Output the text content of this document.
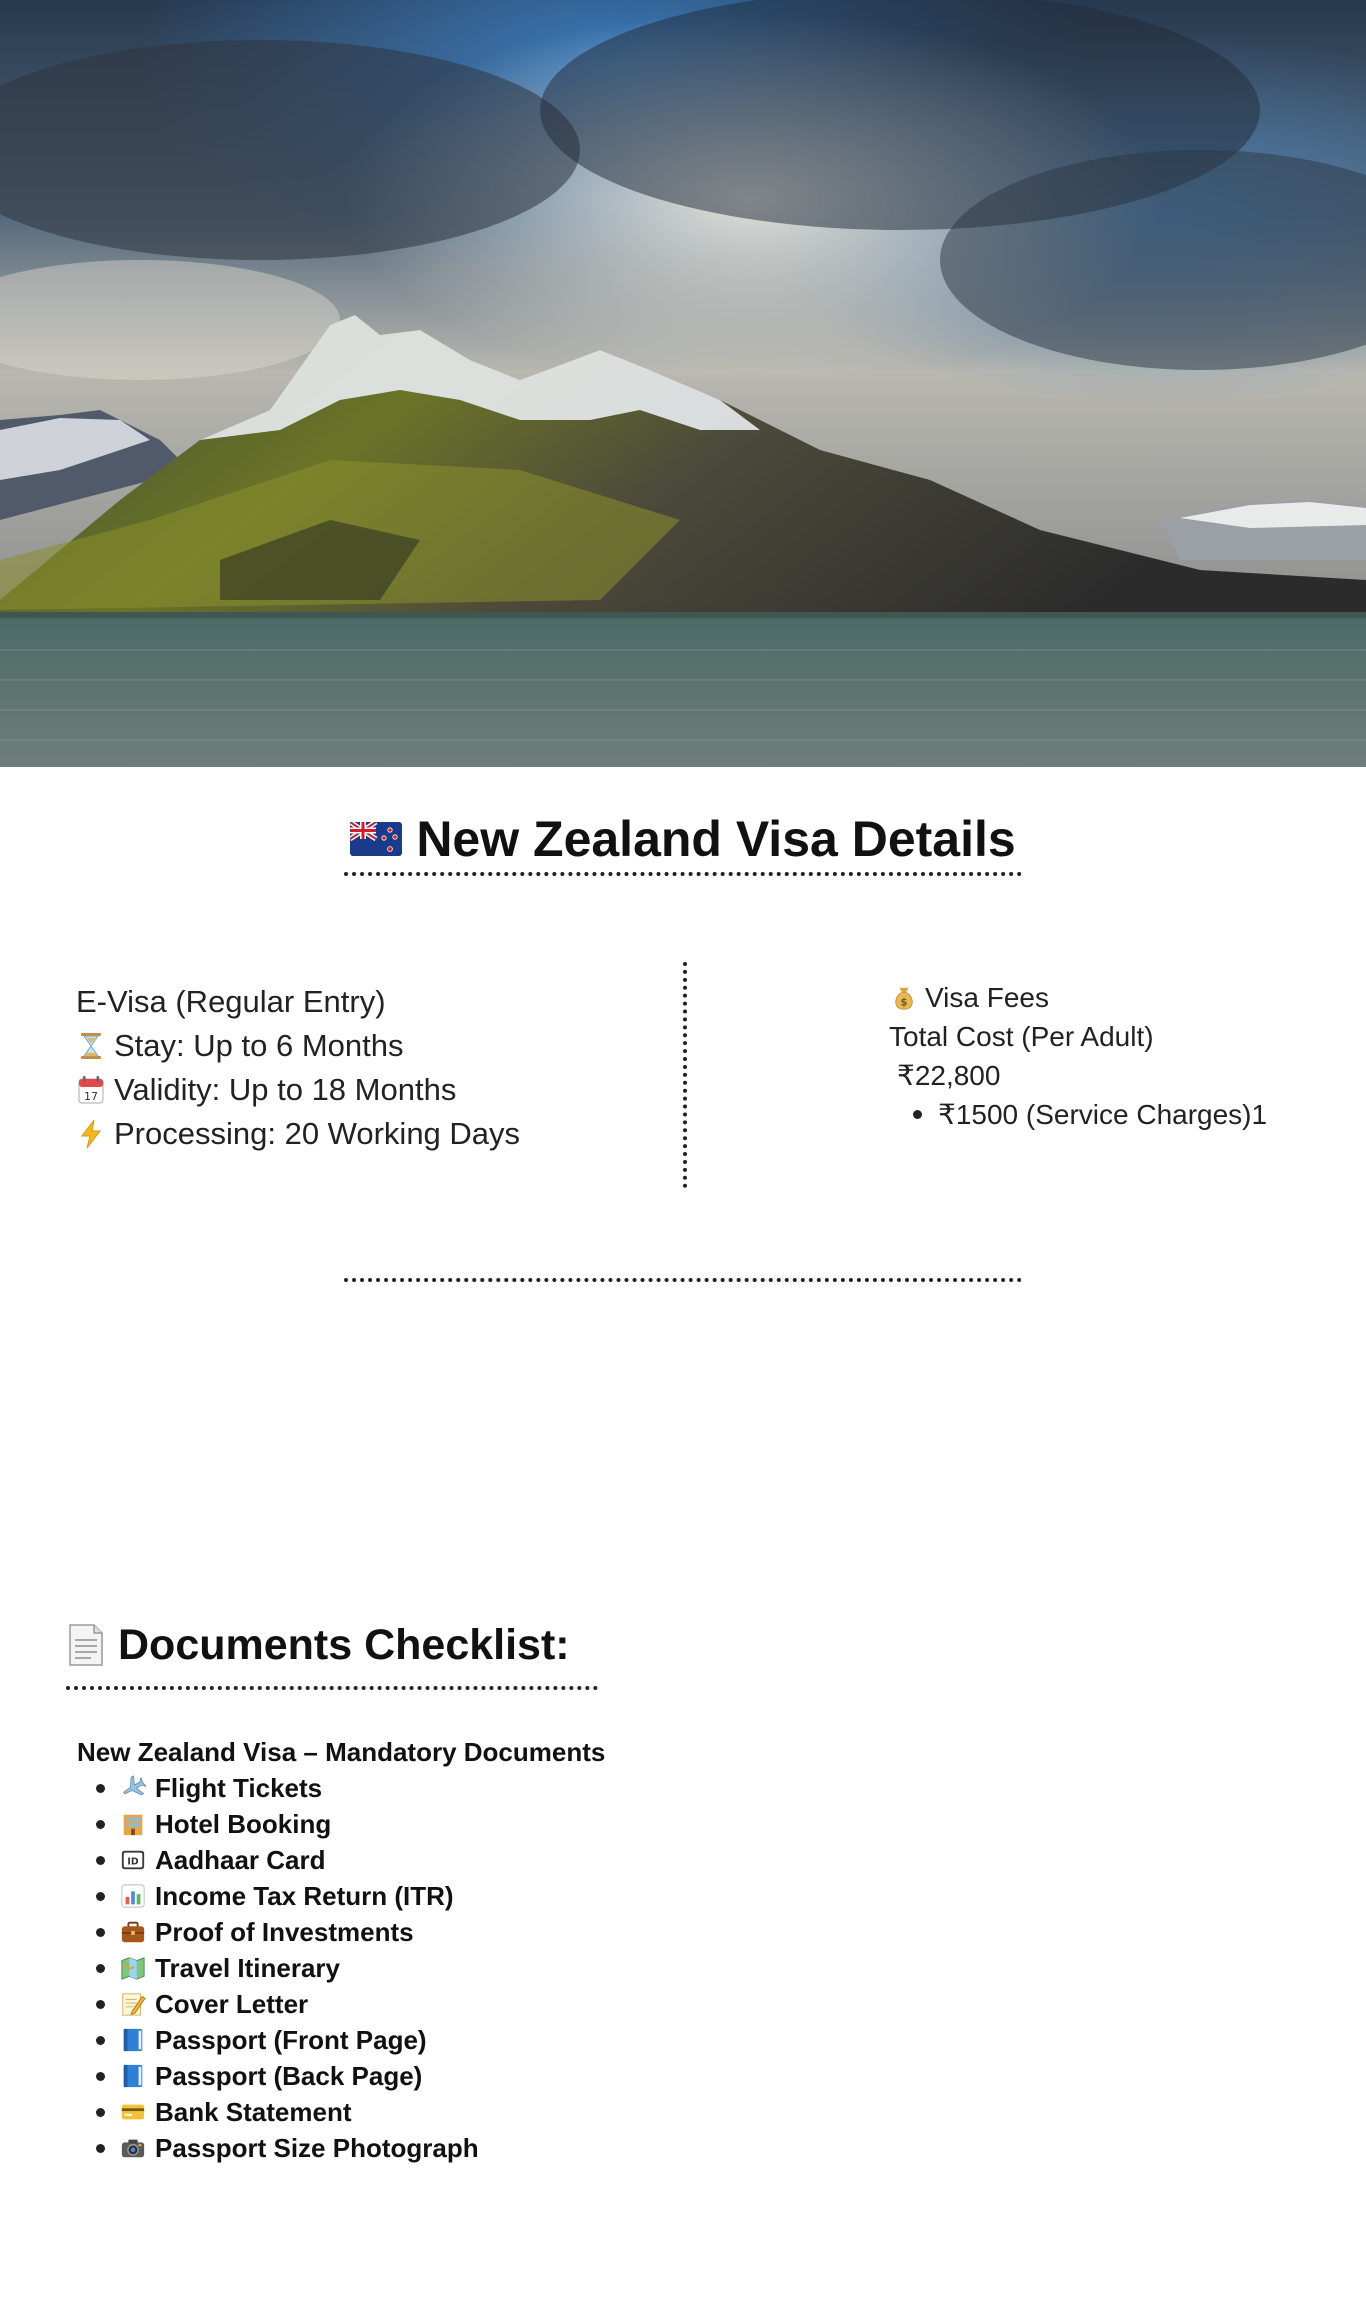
New Zealand Visa Details
E-Visa (Regular Entry)
Stay: Up to 6 Months
17 Validity: Up to 18 Months
Processing: 20 Working Days
$ Visa Fees
Total Cost (Per Adult)
₹22,800
₹1500 (Service Charges)1
Documents Checklist:
New Zealand Visa – Mandatory Documents
Flight Tickets
Hotel Booking
ID Aadhaar Card
Income Tax Return (ITR)
Proof of Investments
Travel Itinerary
Cover Letter
Passport (Front Page)
Passport (Back Page)
Bank Statement
Passport Size Photograph
